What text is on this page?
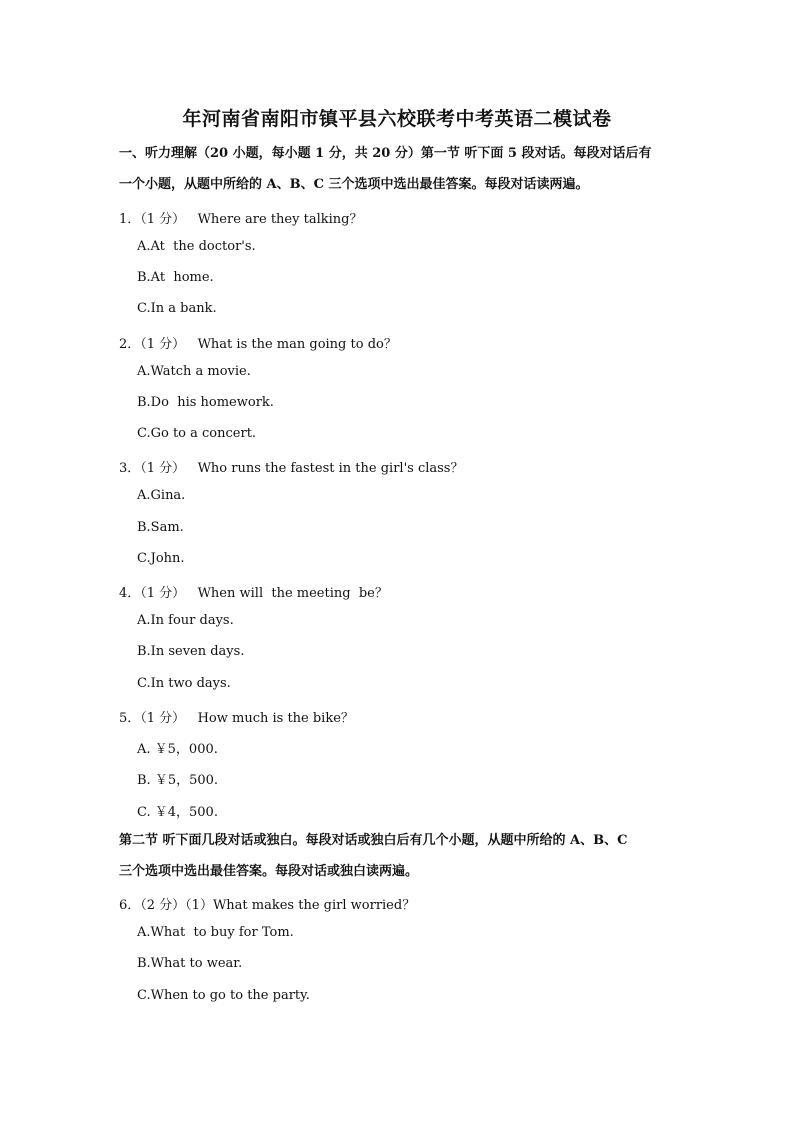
年河南省南阳市镇平县六校联考中考英语二模试卷
一、听力理解（20 小题，每小题 1 分，共 20 分）第一节 听下面 5 段对话。每段对话后有
一个小题，从题中所给的 A、B、C 三个选项中选出最佳答案。每段对话读两遍。
1．（1 分）   Where are they talking？
A.At  the doctor's.
B.At  home.
C.In a bank.
2．（1 分）   What is the man going to do？
A.Watch a movie.
B.Do  his homework.
C.Go to a concert.
3．（1 分）   Who runs the fastest in the girl's class？
A.Gina.
B.Sam.
C.John.
4．（1 分）   When will  the meeting  be？
A.In four days.
B.In seven days.
C.In two days.
5．（1 分）   How much is the bike？
A. ￥5，000.
B. ￥5，500.
C. ￥4，500.
第二节 听下面几段对话或独白。每段对话或独白后有几个小题，从题中所给的 A、B、C
三个选项中选出最佳答案。每段对话或独白读两遍。
6．（2 分）（1）What makes the girl worried？
A.What  to buy for Tom.
B.What to wear.
C.When to go to the party.
